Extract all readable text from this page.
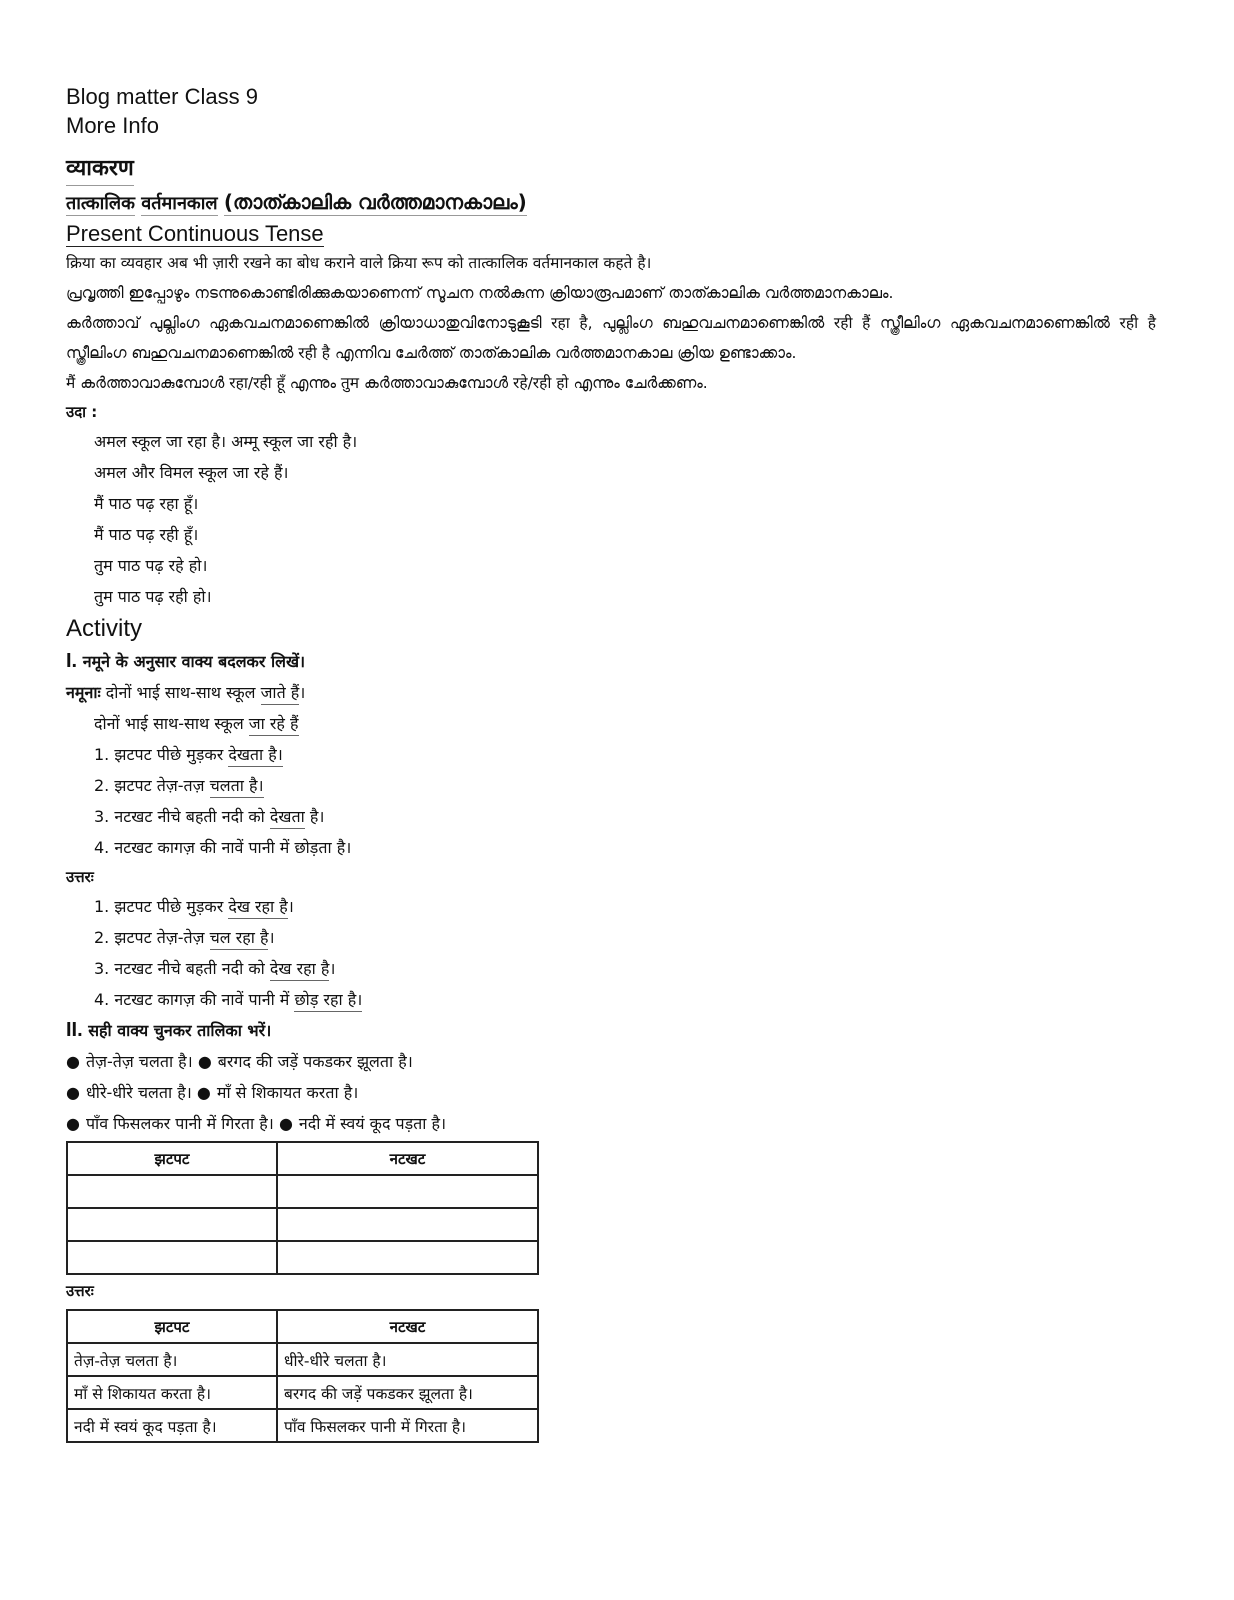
Blog matter Class 9

More Info

व्याकरण
तात्कालिक वर्तमानकाल (താത്കാലിക വർത്തമാനകാലം)
Present Continuous Tense

क्रिया का व्यवहार अब भी ज़ारी रखने का बोध कराने वाले क्रिया रूप को तात्कालिक वर्तमानकाल कहते है।

പ്രവൃത്തി ഇപ്പോഴും നടന്നുകൊണ്ടിരിക്കുകയാണെന്ന് സൂചന നൽകുന്ന ക്രിയാരൂപമാണ് താത്കാലിക വർത്തമാനകാലം.

കർത്താവ് പുല്ലിംഗ ഏകവചനമാണെങ്കിൽ ക്രിയാധാതുവിനോടുകൂടി रहा है, പുല്ലിംഗ ബഹുവചനമാണെങ്കിൽ रही हैं സ്ത്രീലിംഗ ഏകവചനമാണെങ്കിൽ रही है സ്ത്രീലിംഗ ബഹുവചനമാണെങ്കിൽ रही है എന്നിവ ചേർത്ത് താത്കാലിക വർത്തമാനകാല ക്രിയ ഉണ്ടാക്കാം.

मैं കർത്താവാകുമ്പോൾ रहा/रही हूँ എന്നും तुम കർത്താവാകുമ്പോൾ रहे/रही हो എന്നും ചേർക്കണം.

उदा :

अमल स्कूल जा रहा है। अम्मू स्कूल जा रही है।

अमल और विमल स्कूल जा रहे हैं।

मैं पाठ पढ़ रहा हूँ।

मैं पाठ पढ़ रही हूँ।

तुम पाठ पढ़ रहे हो।

तुम पाठ पढ़ रही हो।

Activity

I. नमूने के अनुसार वाक्य बदलकर लिखें।

नमूनाः दोनों भाई साथ-साथ स्कूल जाते हैं।

दोनों भाई साथ-साथ स्कूल जा रहे हैं

1. झटपट पीछे मुड़कर देखता है।

2. झटपट तेज़-तज़ चलता है।

3. नटखट नीचे बहती नदी को देखता है।

4. नटखट कागज़ की नावें पानी में छोड़ता है।

उत्तरः

1. झटपट पीछे मुड़कर देख रहा है।

2. झटपट तेज़-तेज़ चल रहा है।

3. नटखट नीचे बहती नदी को देख रहा है।

4. नटखट कागज़ की नावें पानी में छोड़ रहा है।

II. सही वाक्य चुनकर तालिका भरें।

● तेज़-तेज़ चलता है। ● बरगद की जड़ें पकडकर झूलता है।

● धीरे-धीरे चलता है। ● माँ से शिकायत करता है।

● पाँव फिसलकर पानी में गिरता है। ● नदी में स्वयं कूद पड़ता है।

झटपट	नटखट

उत्तरः

झटपट	नटखट
तेज़-तेज़ चलता है।	धीरे-धीरे चलता है।
माँ से शिकायत करता है।	बरगद की जड़ें पकडकर झूलता है।
नदी में स्वयं कूद पड़ता है।	पाँव फिसलकर पानी में गिरता है।
